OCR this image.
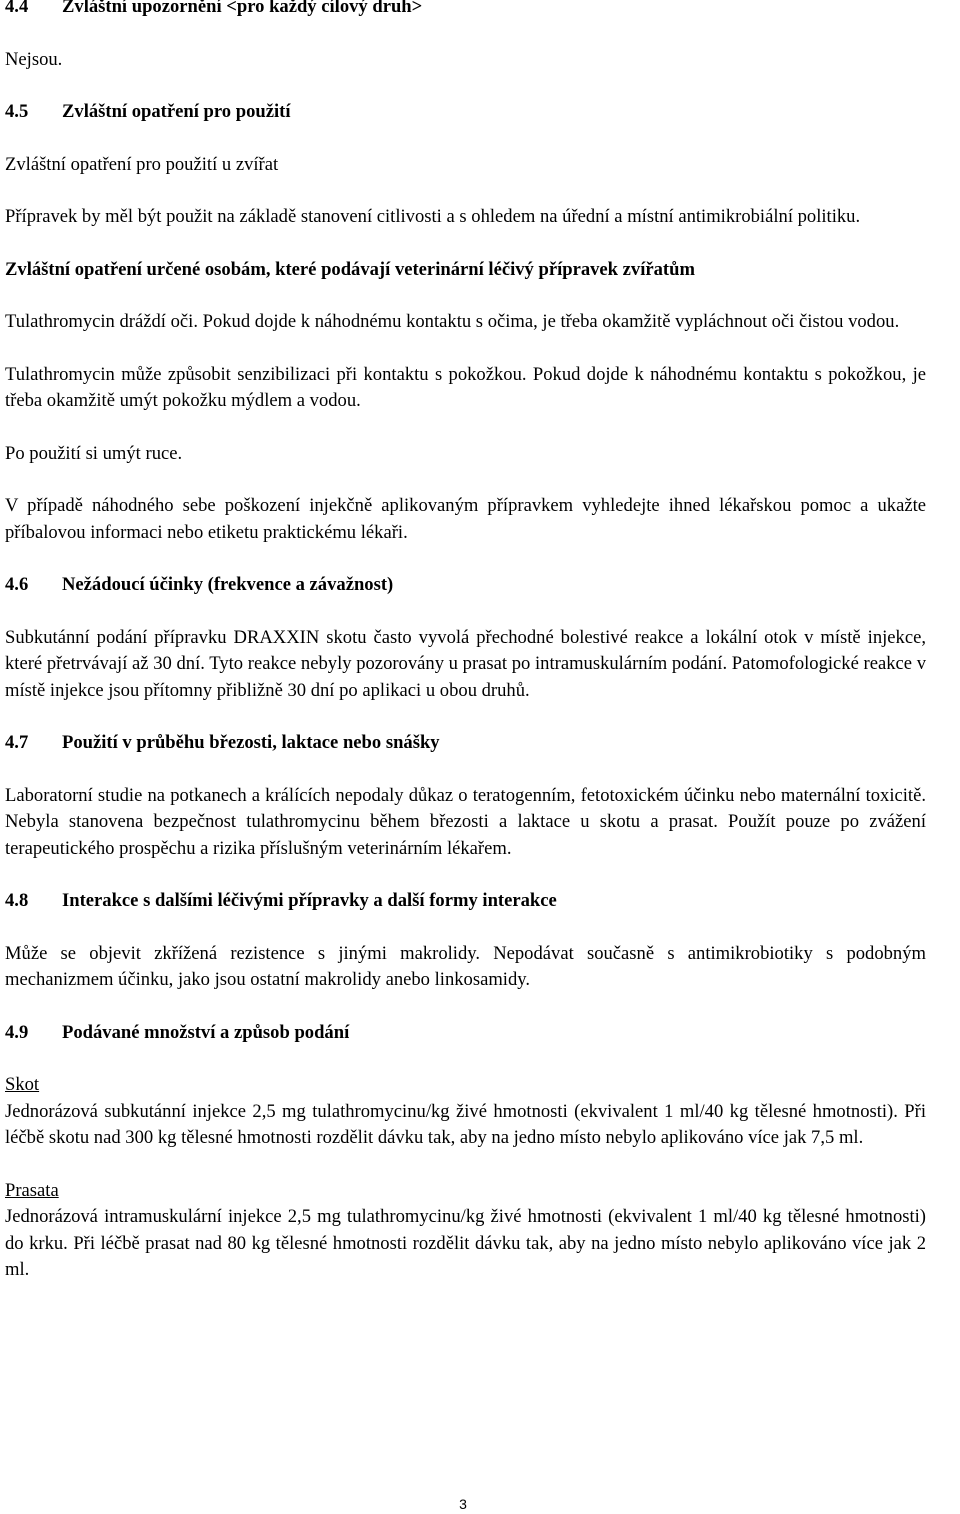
4.4	Zvláštní upozornění <pro každý cílový druh>

Nejsou.

4.5	Zvláštní opatření pro použití

Zvláštní opatření pro použití u zvířat

Přípravek by měl být použit na základě stanovení citlivosti a s ohledem na úřední a místní antimikrobiální politiku.

Zvláštní opatření určené osobám, které podávají veterinární léčivý přípravek zvířatům

Tulathromycin dráždí oči. Pokud dojde k náhodnému kontaktu s očima, je třeba okamžitě vypláchnout oči čistou vodou.

Tulathromycin může způsobit senzibilizaci při kontaktu s pokožkou. Pokud dojde k náhodnému kontaktu s pokožkou, je třeba okamžitě umýt pokožku mýdlem a vodou.

Po použití si umýt ruce.

V případě náhodného sebe poškození injekčně aplikovaným přípravkem vyhledejte ihned lékařskou pomoc a ukažte příbalovou informaci nebo etiketu praktickému lékaři.

4.6	Nežádoucí účinky (frekvence a závažnost)

Subkutánní podání přípravku DRAXXIN skotu často vyvolá přechodné bolestivé reakce a lokální otok v místě injekce, které přetrvávají až 30 dní. Tyto reakce nebyly pozorovány u prasat po intramuskulárním podání. Patomofologické reakce v místě injekce jsou přítomny přibližně 30 dní po aplikaci u obou druhů.

4.7	Použití v průběhu březosti, laktace nebo snášky

Laboratorní studie na potkanech a králících nepodaly důkaz o teratogenním, fetotoxickém účinku nebo maternální toxicitě. Nebyla stanovena bezpečnost tulathromycinu během březosti a laktace u skotu a prasat. Použít pouze po zvážení terapeutického prospěchu a rizika příslušným veterinárním lékařem.

4.8	Interakce s dalšími léčivými přípravky a další formy interakce

Může se objevit zkřížená rezistence s jinými makrolidy. Nepodávat současně s antimikrobiotiky s podobným mechanizmem účinku, jako jsou ostatní makrolidy anebo linkosamidy.

4.9	Podávané množství a způsob podání

Skot

Jednorázová subkutánní injekce 2,5 mg tulathromycinu/kg živé hmotnosti (ekvivalent 1 ml/40 kg tělesné hmotnosti). Při léčbě skotu nad 300 kg tělesné hmotnosti rozdělit dávku tak, aby na jedno místo nebylo aplikováno více jak 7,5 ml.

Prasata

Jednorázová intramuskulární injekce 2,5 mg tulathromycinu/kg živé hmotnosti (ekvivalent 1 ml/40 kg tělesné hmotnosti) do krku. Při léčbě prasat nad 80 kg tělesné hmotnosti rozdělit dávku tak, aby na jedno místo nebylo aplikováno více jak 2 ml.

3
